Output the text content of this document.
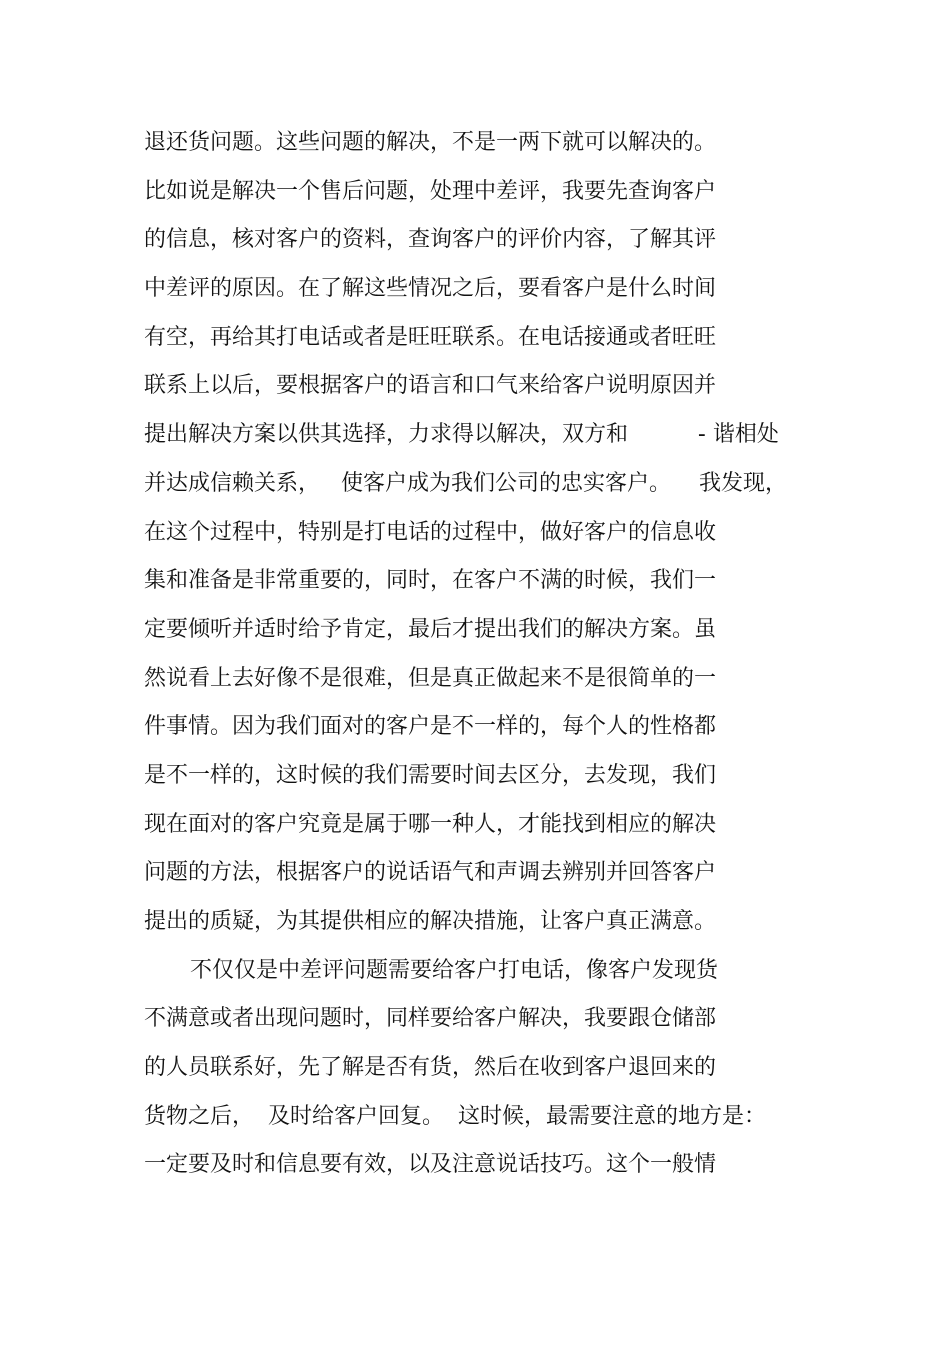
退还货问题。这些问题的解决，不是一两下就可以解决的。
比如说是解决一个售后问题，处理中差评，我要先查询客户
的信息，核对客户的资料，查询客户的评价内容，了解其评
中差评的原因。在了解这些情况之后，要看客户是什么时间
有空，再给其打电话或者是旺旺联系。在电话接通或者旺旺
联系上以后，要根据客户的语言和口气来给客户说明原因并
提出解决方案以供其选择，力求得以解决，双方和          - 谐相处
并达成信赖关系，   使客户成为我们公司的忠实客户。    我发现，
在这个过程中，特别是打电话的过程中，做好客户的信息收
集和准备是非常重要的，同时，在客户不满的时候，我们一
定要倾听并适时给予肯定，最后才提出我们的解决方案。虽
然说看上去好像不是很难，但是真正做起来不是很简单的一
件事情。因为我们面对的客户是不一样的，每个人的性格都
是不一样的，这时候的我们需要时间去区分，去发现，我们
现在面对的客户究竟是属于哪一种人，才能找到相应的解决
问题的方法，根据客户的说话语气和声调去辨别并回答客户
提出的质疑，为其提供相应的解决措施，让客户真正满意。
不仅仅是中差评问题需要给客户打电话，像客户发现货
不满意或者出现问题时，同样要给客户解决，我要跟仓储部
的人员联系好，先了解是否有货，然后在收到客户退回来的
货物之后，  及时给客户回复。  这时候，最需要注意的地方是：
一定要及时和信息要有效，以及注意说话技巧。这个一般情
